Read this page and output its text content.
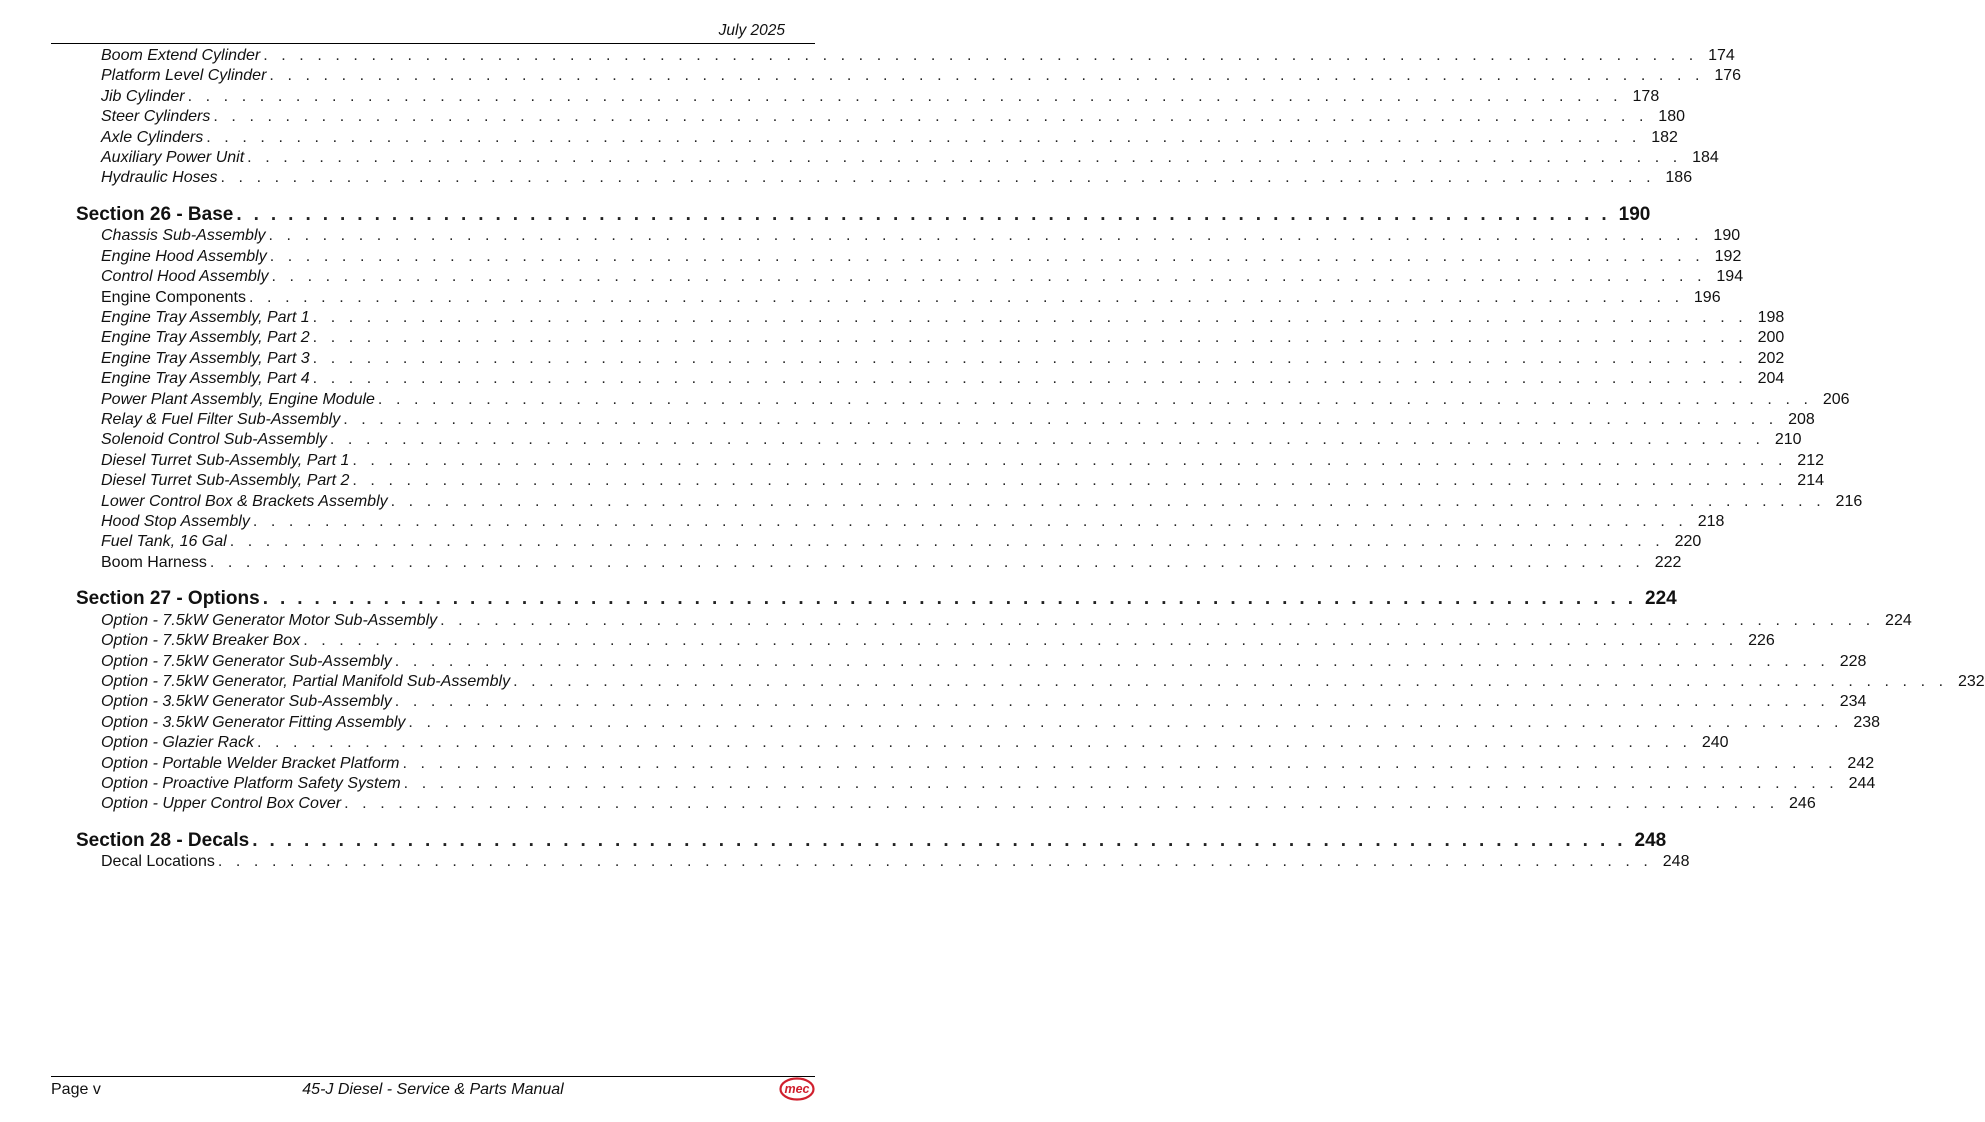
July 2025
Boom Extend Cylinder ................................................................................ 174
Platform Level Cylinder ................................................................................ 176
Jib Cylinder ................................................................................ 178
Steer Cylinders ................................................................................ 180
Axle Cylinders ................................................................................ 182
Auxiliary Power Unit ................................................................................ 184
Hydraulic Hoses ................................................................................ 186
Section 26 - Base ................................................................................ 190
Chassis Sub-Assembly ................................................................................ 190
Engine Hood Assembly ................................................................................ 192
Control Hood Assembly ................................................................................ 194
Engine Components ................................................................................ 196
Engine Tray Assembly, Part 1 ................................................................................ 198
Engine Tray Assembly, Part 2 ................................................................................ 200
Engine Tray Assembly, Part 3 ................................................................................ 202
Engine Tray Assembly, Part 4 ................................................................................ 204
Power Plant Assembly, Engine Module ................................................................................ 206
Relay & Fuel Filter Sub-Assembly ................................................................................ 208
Solenoid Control Sub-Assembly ................................................................................ 210
Diesel Turret Sub-Assembly, Part 1 ................................................................................ 212
Diesel Turret Sub-Assembly, Part 2 ................................................................................ 214
Lower Control Box & Brackets Assembly ................................................................................ 216
Hood Stop Assembly ................................................................................ 218
Fuel Tank, 16 Gal ................................................................................ 220
Boom Harness ................................................................................ 222
Section 27 - Options ................................................................................ 224
Option - 7.5kW Generator Motor Sub-Assembly ................................................................................ 224
Option - 7.5kW Breaker Box ................................................................................ 226
Option - 7.5kW Generator Sub-Assembly ................................................................................ 228
Option - 7.5kW Generator, Partial Manifold Sub-Assembly ................................................................................ 232
Option - 3.5kW Generator Sub-Assembly ................................................................................ 234
Option - 3.5kW Generator Fitting Assembly ................................................................................ 238
Option - Glazier Rack ................................................................................ 240
Option - Portable Welder Bracket Platform ................................................................................ 242
Option - Proactive Platform Safety System ................................................................................ 244
Option - Upper Control Box Cover ................................................................................ 246
Section 28 - Decals ................................................................................ 248
Decal Locations ................................................................................ 248
Page v	45-J Diesel - Service & Parts Manual	mec
